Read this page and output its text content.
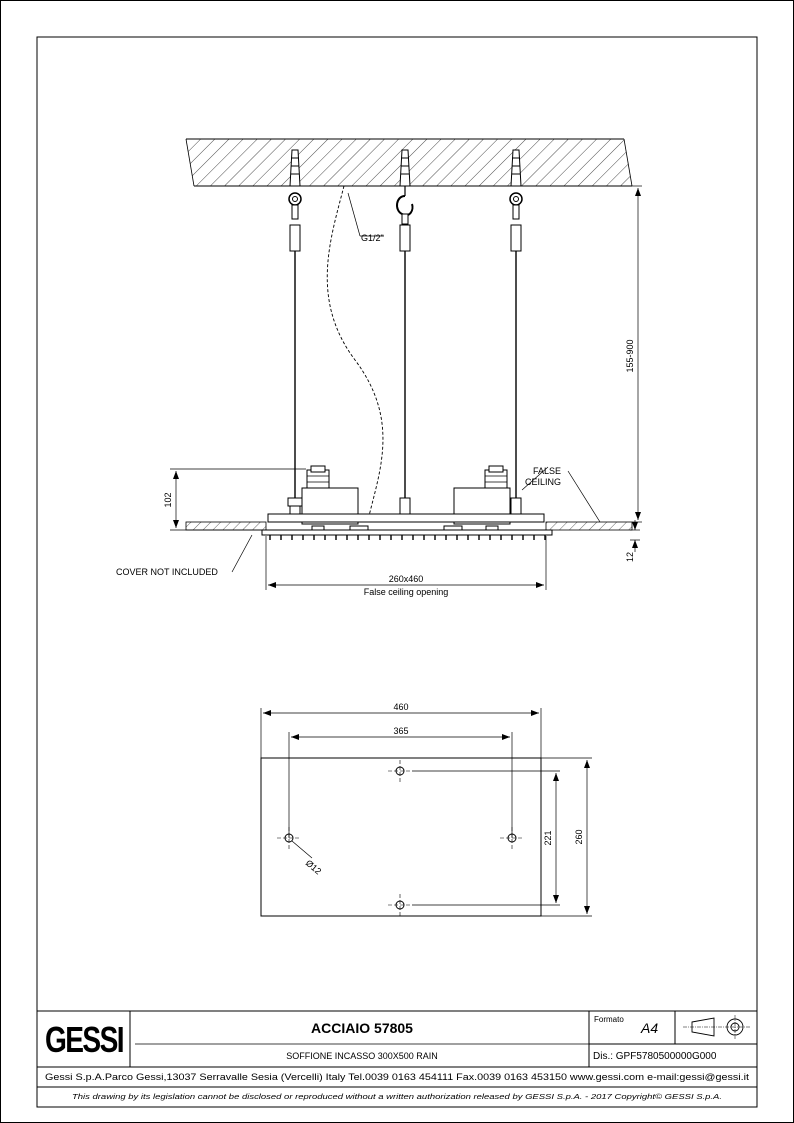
G1/2"
FALSE
CEILING
COVER NOT INCLUDED
155-900
102
12
260x460
False ceiling opening
460
365
Ø12
221 260
GESSI	ACCIAIO 57805
SOFFIONE INCASSO 300X500 RAIN
Formato
A4
Dis.: GPF5780500000G000
Gessi S.p.A.Parco Gessi,13037 Serravalle Sesia (Vercelli) Italy Tel.0039 0163 454111 Fax.0039 0163 453150 www.gessi.com e-mail:gessi@gessi.it
This drawing by its legislation cannot be disclosed or reproduced without a written authorization released by GESSI S.p.A. - 2017 Copyright© GESSI S.p.A.
